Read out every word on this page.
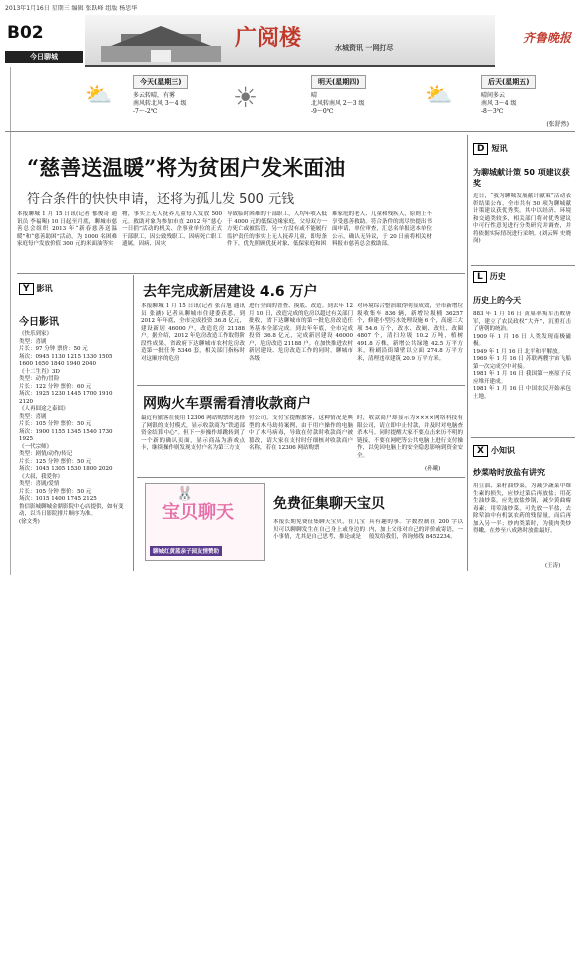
2013年1月16日 星期三 编辑 张跃峰 组版 杨思华
B02
今日聊城
广阅楼	水城资讯 一网打尽
齐鲁晚报
⛅
今天(星期三)
多云转晴，有雾
南风转北风 3～4 级
-7～-2℃	☀	明天(星期四)
晴
北风转南风 2～3 级
-9～0℃
⛅
后天(星期五)
晴间多云
南风 3～4 级
-8～3℃
(张舒然)
“慈善送温暖”将为贫困户发米面油
符合条件的快快申请，还将为孤儿发 500 元钱
本报聊城 1 月 15 日讯(记者 郁俊奇 通讯员 李福喝) 10 日起至月底，聊城市慈善总会组织 2013 年“新春慈善送温暖”和“慈善助困”活动，为 1000 名困难家庭每户发放价值 300 元的米面油等实
物，事实上无人抚养儿童每人发放 500 元。救助对象为参加市直 2012 年“慈心一日捐”活动的机关、企事业单位的正式干部职工，因公致残职工、因病死亡职工遗属，因病、因灾
导致临时困难的干部职工，人均年收入低于 4000 元的低保边缘家庭，父母双方一方死亡或被监管，另一方没有或不能履行监护责任的事实上无人抚养儿童，即每条件下，优先照顾优抚对象、低保家庭和困
难家庭的老人、儿童和残疾人，原则上不享受慈善救助。符合条件的需尽快提出书面申请，单位审查，汇总名单报送本单位公示，确认无异议，于 20 日前将相关材料报市慈善总会救助部。
Y 影讯
今日影讯
《快乐到家》
类型：喜剧
片长：97 分钟 票价：50 元
场次：0945 1130 1215 1330 1505
1600 1650 1840 1940 2040
《十二生肖》3D
类型：动作/冒险
片长：122 分钟 票价：60 元
场次：1925 1230 1445 1700 1910
2120
《人再囧途之泰囧》
类型：喜剧
片长：105 分钟 票价：50 元
场次：1900 1155 1345 1540 1730
1925
《一代宗师》
类型：剧情/动作/传记
片长：125 分钟 票价：50 元
场次：1045 1305 1530 1800 2020
《大叔，我爱你》
类型：喜剧/爱情
片长：105 分钟 票价：50 元
场次：1015 1400 1745 2125
鲁信影城聊城金鼎影院中心店提供，如有变动，以当日影院排片顺序为准。
(徐文秀)
去年完成新居建设 4.6 万户
本报聊城 1 月 15 日讯(记者 张召旭 通讯员 张涵) 记者从聊城市住建委获悉，到 2012 年年底，全市完成投资 36.8 亿元，建设新居 46000 户，改造危房 21188 户。据介绍，2012 年危房改造工作取得阶段性成果，省政府下达聊城市农村危房改造第一批任务 5346 套，相关部门指标时对这顺序的危房
进行全面的普查、摸底、改造。到去年 12 月 10 日，改造完成的危房以超过有关部门批收，省下达聊城市的第一批危房改造任务基本全部完成。到去年年底，全市完成投资 36.8 亿元，完成新居建设 46000 户，危房改造 21188 户。在加快推进农村新居建设、危房改造工作的同时，聊城市各级
对环境综合整治取得明显成效，全市新增垃圾收集车 836 辆，新增垃圾桶 36257 个，修建小型污水处理设施 6 个，高速三大项 54.6 万个，改水、改厕、改灶、改圈 4807 个，清扫垃圾 10.2 万吨，植树 491.8 万株，新增公共绿地 42.5 万平方米，粉刷沿街墙壁以立面 274.8 万平方米，清理违章建筑 20.9 万平方米。
网购火车票需看清收款商户
最近有旅客在使用 12306 网站购票时选择了网银的支付模式，显示收款商为“铁道部资金结算中心”。但下一步操作却跳转到了一个新的确认页面，显示商品为游戏点卡，继续操作则发现支付户名为第三方支
付公司。支付宝提醒旅客，这种情况是典型的木马劫持案例，由于用户操作的电脑中了木马病毒，导致在付款时收款商户被篡改，请大家在支付时仔细核对收款商户名称，若在 12306 网站购票
时，收款商户却显示为××××网络科技有限公司，请立即中止付款，并及时对电脑查杀木马。同时提醒大家不要点击来历不明的链接，不要在网吧等公共电脑上进行支付操作，以免因电脑上的安全隐患影响到资金安全。
(孙曦)
🐰
宝贝聊天
聊城红黄蓝亲子园友情赞助
免费征集聊天宝贝
本报长期免费征集聊天宝贝，在儿宝贝可以聊聊发生在自己身上或身边的小事情，尤其是自己思考、推论或是
具有趣的事。字数控制在 200 字以内，加上父母对自己的评价或寄语，一般发给我们，咨询热线 8452234。
D 短讯
为聊城献计策 50 项建议获奖
近日，“我为聊城发展献计献策”活动表彰结果公布，全市共有 50 项为聊城献计策建议获优秀奖。其中以经济、环境和交通类较多，相关部门将对优秀建议中可行性意见进行分类研究并调查，并将依据实际情况进行采纳。(刘云辉 史晓岗)
L 历史
历史上的今天
883 年 1 月 16 日 黄巢率叛军击败唐军，建立了农民政权“大齐”，沉重打击了唐朝的统治。
1909 年 1 月 16 日 人类发现南极磁极。
1949 年 1 月 16 日 北平和平解放。
1969 年 1 月 16 日 苏联两艘宇宙飞船第一次完成空中对接。
1981 年 1 月 16 日 我国第一座原子反应堆开建成。
1981 年 1 月 16 日 中国农民开始承包土地。
X 小知识
炒菜啥时放盐有讲究
用豆油、菜籽油炒菜，为减少蔬菜中维生素的损失，应炒过菜后再放盐；用花生油炒菜，应先放盐炒锅，减少黄曲霉毒素；用荤油炒菜，可先放一半盐，去除荤油中有机氯农药的残留量，而后再加入另一半；炒肉类菜时，为使肉类炒得嫩，在炒至八成熟时放盐最好。
(王涛)
